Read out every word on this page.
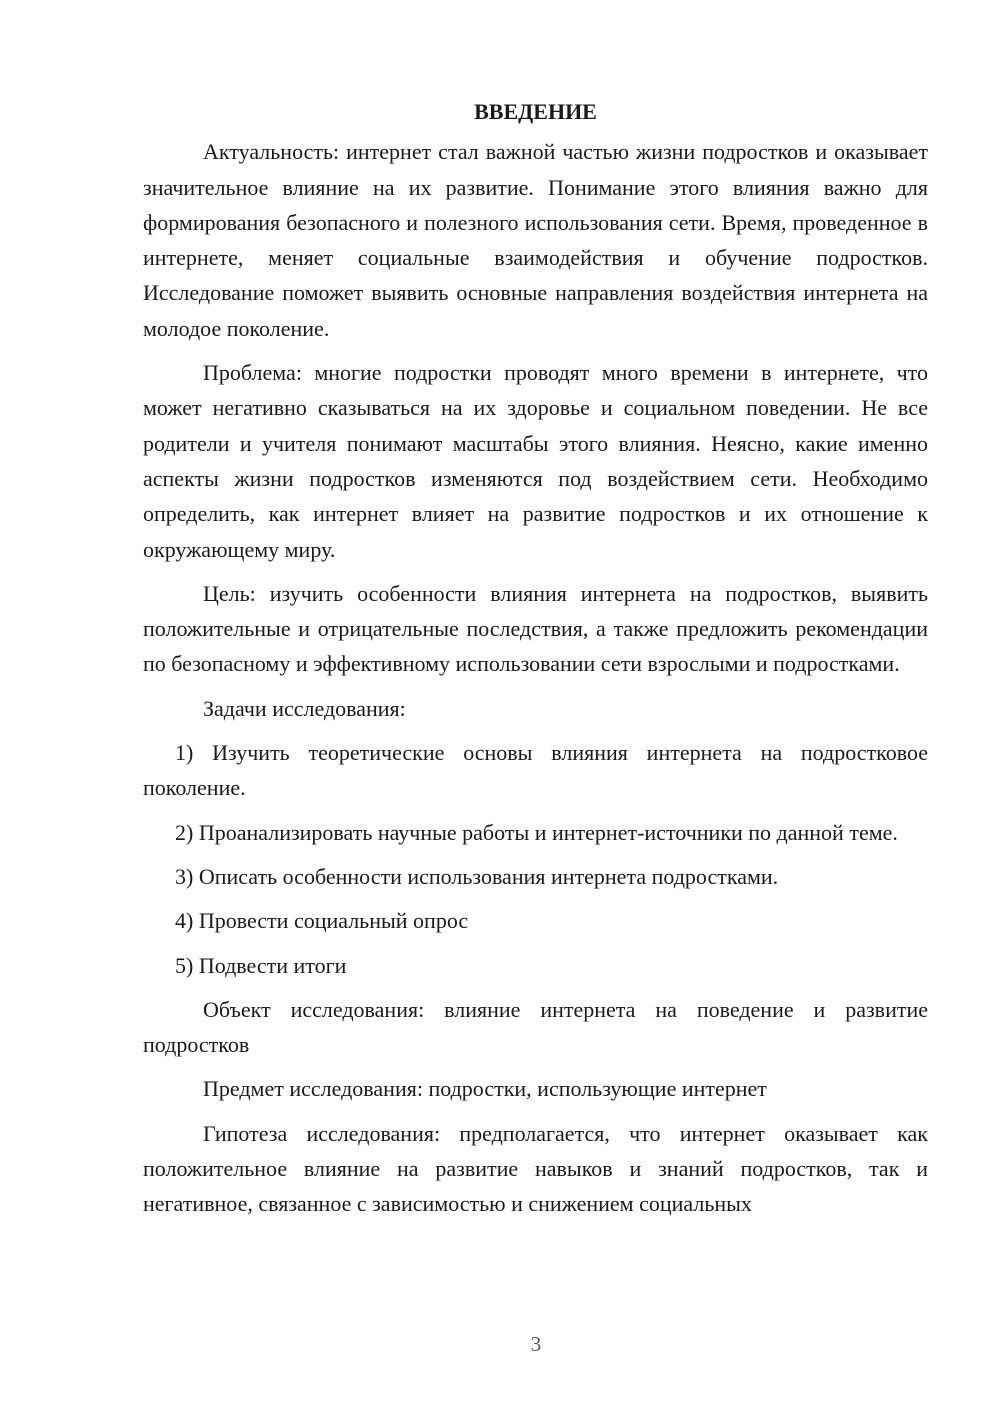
ВВЕДЕНИЕ

Актуальность: интернет стал важной частью жизни подростков и оказывает значительное влияние на их развитие. Понимание этого влияния важно для формирования безопасного и полезного использования сети. Время, проведенное в интернете, меняет социальные взаимодействия и обучение подростков. Исследование поможет выявить основные направления воздействия интернета на молодое поколение.

Проблема: многие подростки проводят много времени в интернете, что может негативно сказываться на их здоровье и социальном поведении. Не все родители и учителя понимают масштабы этого влияния. Неясно, какие именно аспекты жизни подростков изменяются под воздействием сети. Необходимо определить, как интернет влияет на развитие подростков и их отношение к окружающему миру.

Цель: изучить особенности влияния интернета на подростков, выявить положительные и отрицательные последствия, а также предложить рекомендации по безопасному и эффективному использовании сети взрослыми и подростками.

Задачи исследования:

1) Изучить теоретические основы влияния интернета на подростковое поколение.

2) Проанализировать научные работы и интернет-источники по данной теме.

3) Описать особенности использования интернета подростками.

4) Провести социальный опрос

5) Подвести итоги

Объект исследования: влияние интернета на поведение и развитие подростков

Предмет исследования: подростки, использующие интернет

Гипотеза исследования: предполагается, что интернет оказывает как положительное влияние на развитие навыков и знаний подростков, так и негативное, связанное с зависимостью и снижением социальных

3
